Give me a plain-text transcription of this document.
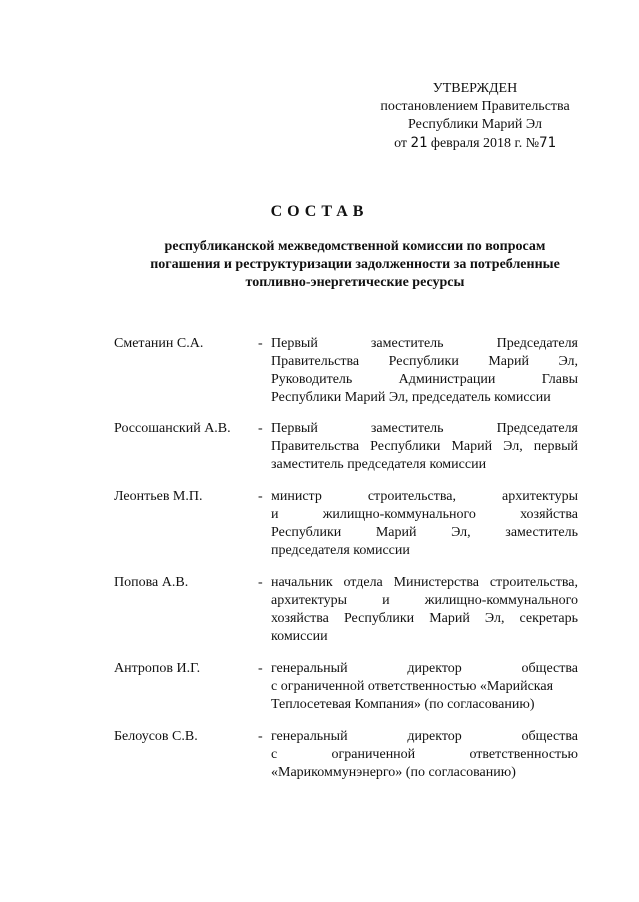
УТВЕРЖДЕН
постановлением Правительства
Республики Марий Эл
от 21 февраля 2018 г. №71
СОСТАВ
республиканской межведомственной комиссии по вопросам
погашения и реструктуризации задолженности за потребленные
топливно-энергетические ресурсы
Сметанин С.А.	- Первый заместитель Председателя
Правительства Республики Марий Эл,
Руководитель Администрации Главы
Республики Марий Эл, председатель комиссии
Россошанский А.В. - Первый заместитель Председателя
Правительства Республики Марий Эл, первый
заместитель председателя комиссии
Леонтьев М.П.	- министр строительства, архитектуры
и жилищно-коммунального хозяйства
Республики Марий Эл, заместитель
председателя комиссии
Попова А.В.	- начальник отдела Министерства строительства,
архитектуры и жилищно-коммунального
хозяйства Республики Марий Эл, секретарь
комиссии
Антропов И.Г.	- генеральный директор общества
с ограниченной ответственностью «Марийская
Теплосетевая Компания» (по согласованию)
Белоусов С.В.	- генеральный директор общества
с ограниченной ответственностью
«Марикоммунэнерго» (по согласованию)
